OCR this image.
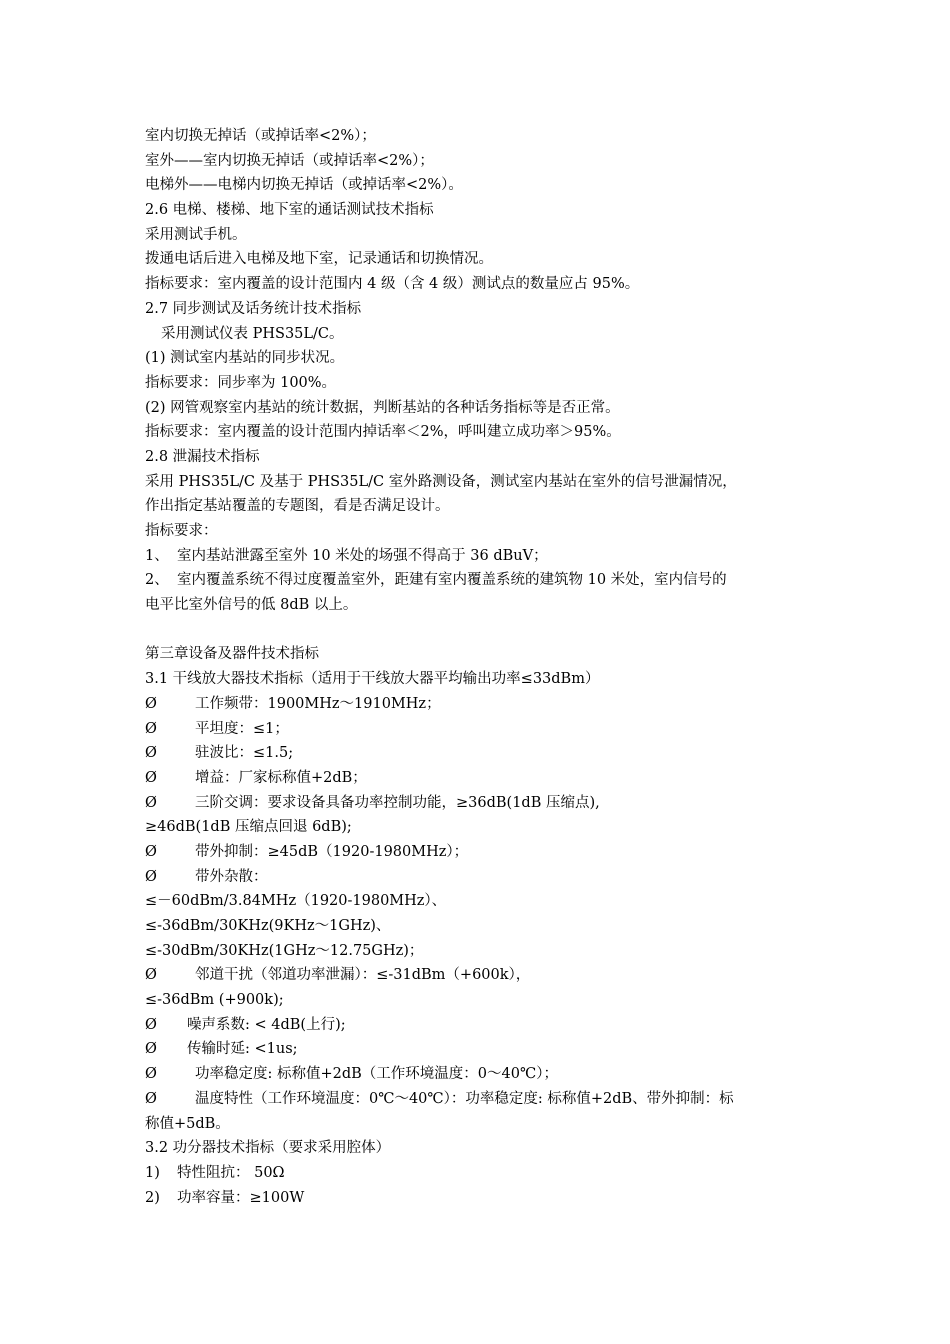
室内切换无掉话（或掉话率<2%）；
室外——室内切换无掉话（或掉话率<2%）；
电梯外——电梯内切换无掉话（或掉话率<2%）。
2.6 电梯、楼梯、地下室的通话测试技术指标
采用测试手机。
拨通电话后进入电梯及地下室，记录通话和切换情况。
指标要求：室内覆盖的设计范围内 4 级（含 4 级）测试点的数量应占 95%。
2.7 同步测试及话务统计技术指标
采用测试仪表 PHS35L/C。
(1) 测试室内基站的同步状况。
指标要求：同步率为 100%。
(2) 网管观察室内基站的统计数据，判断基站的各种话务指标等是否正常。
指标要求：室内覆盖的设计范围内掉话率＜2%，呼叫建立成功率＞95%。
2.8 泄漏技术指标
采用 PHS35L/C 及基于 PHS35L/C 室外路测设备，测试室内基站在室外的信号泄漏情况，
作出指定基站覆盖的专题图，看是否满足设计。
指标要求：
1、 室内基站泄露至室外 10 米处的场强不得高于 36 dBuV；
2、 室内覆盖系统不得过度覆盖室外，距建有室内覆盖系统的建筑物 10 米处，室内信号的
电平比室外信号的低 8dB 以上。
第三章设备及器件技术指标
3.1 干线放大器技术指标（适用于干线放大器平均输出功率≤33dBm）
Ø	工作频带：1900MHz～1910MHz；
Ø	平坦度：≤1；
Ø	驻波比：≤1.5;
Ø	增益：厂家标称值+2dB；
Ø	三阶交调：要求设备具备功率控制功能，≥36dB(1dB 压缩点),
≥46dB(1dB 压缩点回退 6dB);
Ø	带外抑制：≥45dB（1920-1980MHz）；
Ø	带外杂散：
≤－60dBm/3.84MHz（1920-1980MHz）、
≤-36dBm/30KHz(9KHz～1GHz)、
≤-30dBm/30KHz(1GHz～12.75GHz)；
Ø	邻道干扰（邻道功率泄漏）：≤-31dBm（+600k），
≤-36dBm (+900k);
Ø 噪声系数: < 4dB(上行);
Ø 传输时延: <1us;
Ø	功率稳定度: 标称值+2dB（工作环境温度：0～40℃）；
Ø	温度特性（工作环境温度：0℃～40℃）：功率稳定度: 标称值+2dB、带外抑制：标
称值+5dB。
3.2 功分器技术指标（要求采用腔体）
1) 特性阻抗： 50Ω
2) 功率容量：≥100W
